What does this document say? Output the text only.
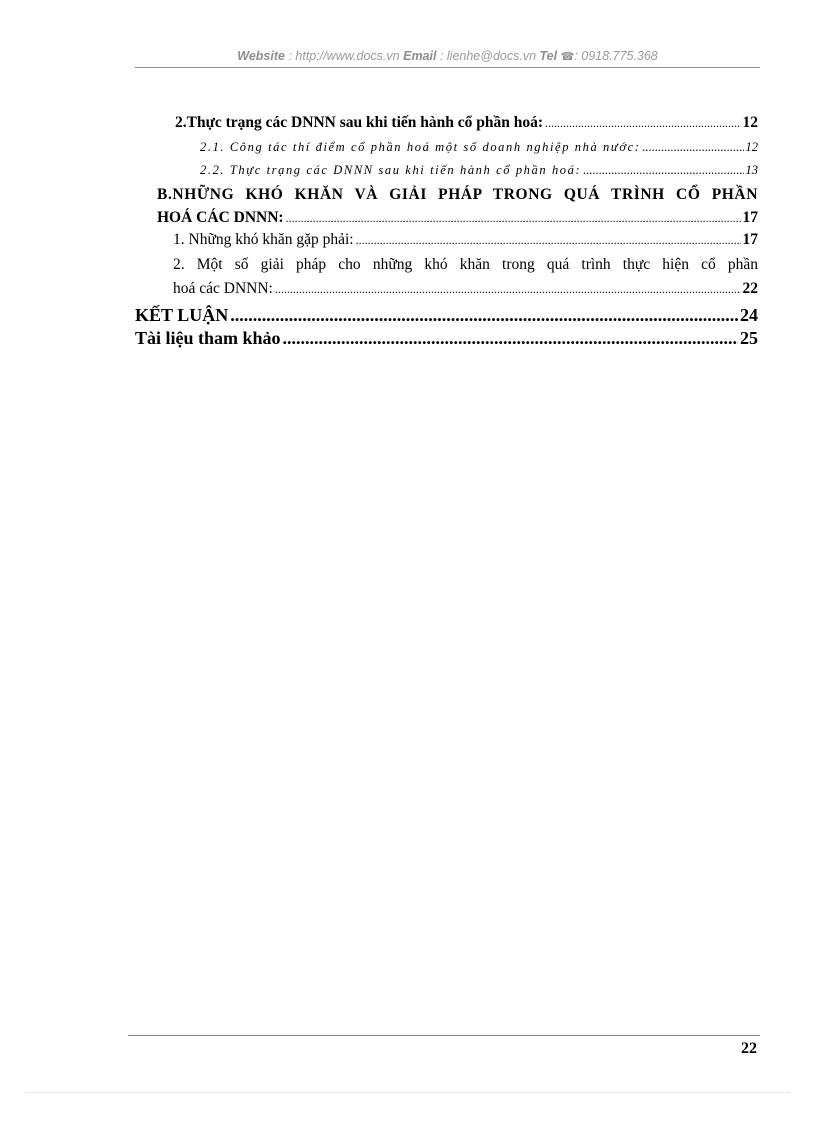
Website : http://www.docs.vn Email : lienhe@docs.vn Tel ☎: 0918.775.368
2.Thực trạng các DNNN sau khi tiến hành cổ phần hoá: .....	12
2.1. Công tác thí điểm cổ phần hoá một số doanh nghiệp nhà nước: .....	12
2.2. Thực trạng các DNNN sau khi tiến hành cổ phần hoá: .....	13
B.NHỮNG KHÓ KHĂN VÀ GIẢI PHÁP TRONG QUÁ TRÌNH CỔ PHẦN
HOÁ CÁC DNNN: .....	17
1. Những khó khăn gặp phải: .....	17
2. Một số giải pháp cho những khó khăn trong quá trình thực hiện cổ phần
hoá các DNNN: .....	22
KẾT LUẬN .....	24
Tài liệu tham khảo .....	25
22
